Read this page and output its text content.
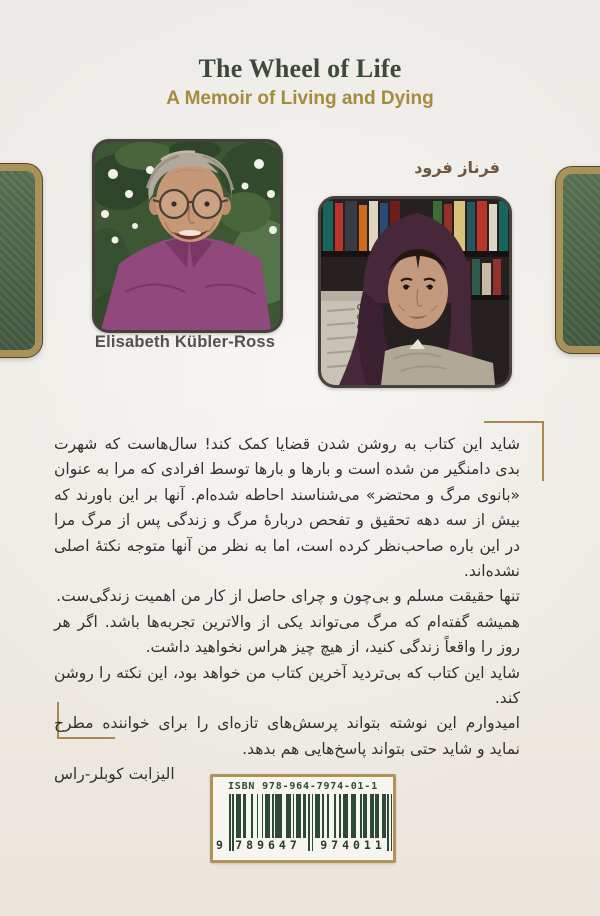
The Wheel of Life
A Memoir of Living and Dying
Elisabeth Kübler-Ross
فرناز فرود

شاید این کتاب به روشن شدن قضایا کمک کند! سال‌هاست که شهرت بدی دامنگیر من شده است و بارها و بارها توسط افرادی که مرا به عنوان «بانوی مرگ و محتضر» می‌شناسند احاطه شده‌ام. آنها بر این باورند که بیش از سه دهه تحقیق و تفحص دربارهٔ مرگ و زندگی پس از مرگ مرا در این باره صاحب‌نظر کرده است، اما به نظر من آنها متوجه نکتهٔ اصلی نشده‌اند.

تنها حقیقت مسلم و بی‌چون و چرای حاصل از کار من اهمیت زندگی‌ست.

همیشه گفته‌ام که مرگ می‌تواند یکی از والاترین تجربه‌ها باشد. اگر هر روز را واقعاً زندگی کنید، از هیچ چیز هراس نخواهید داشت.

شاید این کتاب که بی‌تردید آخرین کتاب من خواهد بود، این نکته را روشن کند.

امیدوارم این نوشته بتواند پرسش‌های تازه‌ای را برای خواننده مطرح نماید و شاید حتی بتواند پاسخ‌هایی هم بدهد.

الیزابت کوبلر-راس

ISBN 978-964-7974-01-1
9 789647 974011
